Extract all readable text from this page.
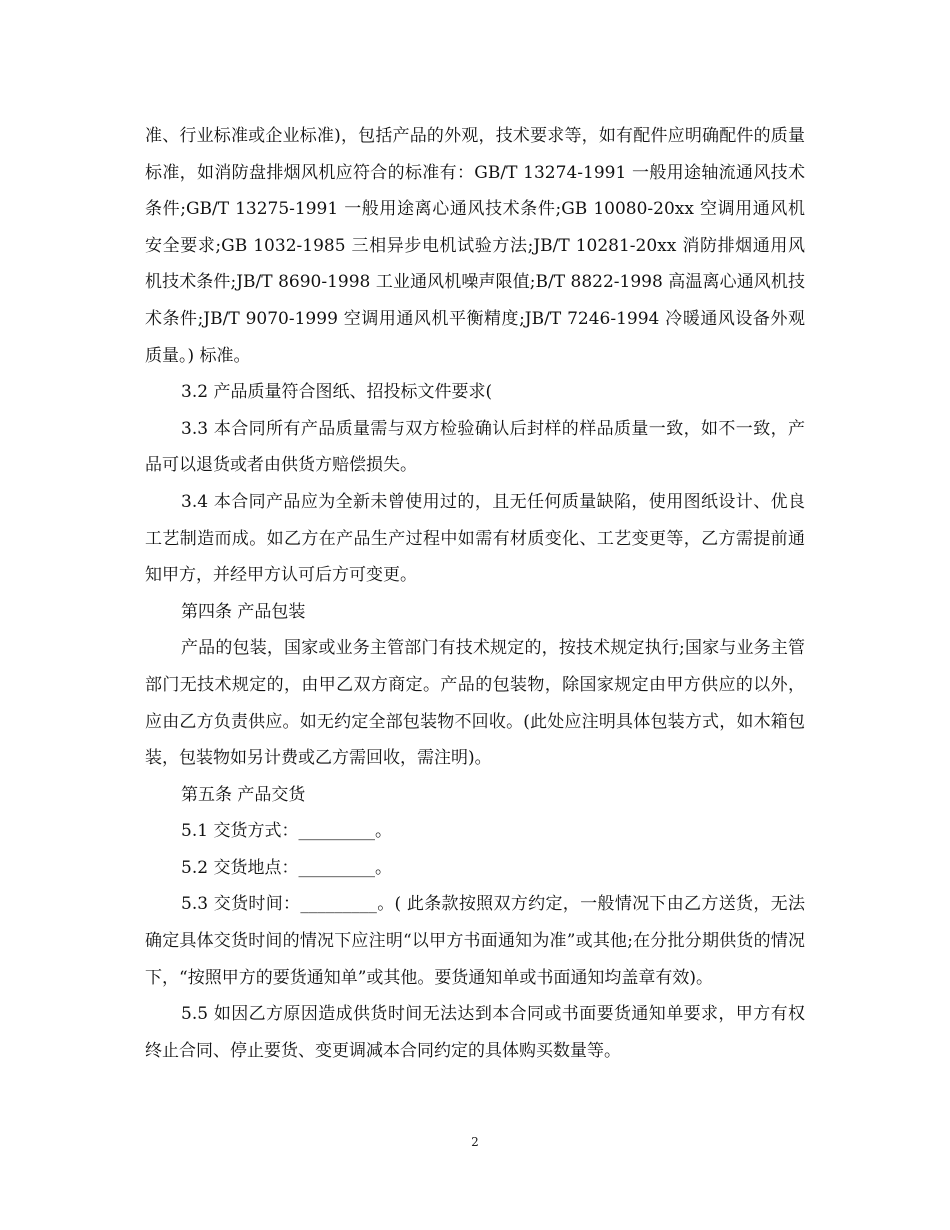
准、行业标准或企业标准)，包括产品的外观，技术要求等，如有配件应明确配件的质量标准，如消防盘排烟风机应符合的标准有：GB/T 13274-1991 一般用途轴流通风技术条件;GB/T 13275-1991 一般用途离心通风技术条件;GB 10080-20xx 空调用通风机安全要求;GB 1032-1985 三相异步电机试验方法;JB/T 10281-20xx 消防排烟通用风机技术条件;JB/T 8690-1998 工业通风机噪声限值;B/T 8822-1998 高温离心通风机技术条件;JB/T 9070-1999 空调用通风机平衡精度;JB/T 7246-1994 冷暖通风设备外观质量。) 标准。

3.2 产品质量符合图纸、招投标文件要求(

3.3 本合同所有产品质量需与双方检验确认后封样的样品质量一致，如不一致，产品可以退货或者由供货方赔偿损失。

3.4 本合同产品应为全新未曾使用过的，且无任何质量缺陷，使用图纸设计、优良工艺制造而成。如乙方在产品生产过程中如需有材质变化、工艺变更等，乙方需提前通知甲方，并经甲方认可后方可变更。

第四条 产品包装

产品的包装，国家或业务主管部门有技术规定的，按技术规定执行;国家与业务主管部门无技术规定的，由甲乙双方商定。产品的包装物，除国家规定由甲方供应的以外，应由乙方负责供应。如无约定全部包装物不回收。(此处应注明具体包装方式，如木箱包装，包装物如另计费或乙方需回收，需注明)。

第五条 产品交货

5.1 交货方式：_________。

5.2 交货地点：_________。

5.3 交货时间：_________。( 此条款按照双方约定，一般情况下由乙方送货，无法确定具体交货时间的情况下应注明“以甲方书面通知为准”或其他;在分批分期供货的情况下，“按照甲方的要货通知单”或其他。要货通知单或书面通知均盖章有效)。

5.5 如因乙方原因造成供货时间无法达到本合同或书面要货通知单要求，甲方有权 终止合同、停止要货、变更调减本合同约定的具体购买数量等。

2
